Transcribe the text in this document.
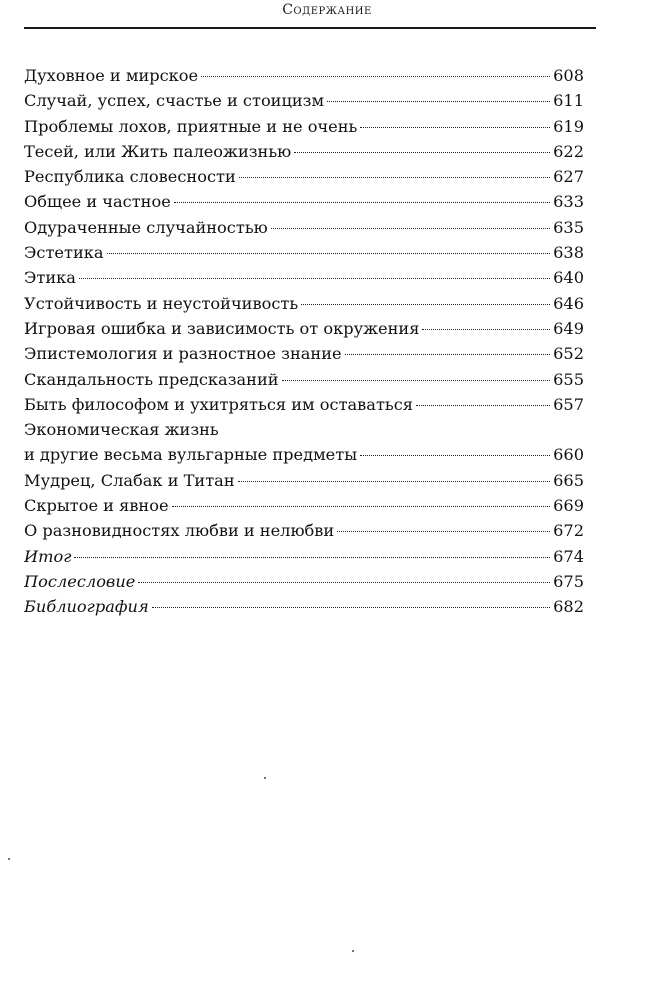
Содержание
Духовное и мирское	608
Случай, успех, счастье и стоицизм	611
Проблемы лохов, приятные и не очень	619
Тесей, или Жить палеожизнью	622
Республика словесности	627
Общее и частное	633
Одураченные случайностью	635
Эстетика	638
Этика	640
Устойчивость и неустойчивость	646
Игровая ошибка и зависимость от окружения	649
Эпистемология и разностное знание	652
Скандальность предсказаний	655
Быть философом и ухитряться им оставаться	657
Экономическая жизнь
и другие весьма вульгарные предметы	660
Мудрец, Слабак и Титан	665
Скрытое и явное	669
О разновидностях любви и нелюбви	672
Итог	674
Послесловие	675
Библиография	682
